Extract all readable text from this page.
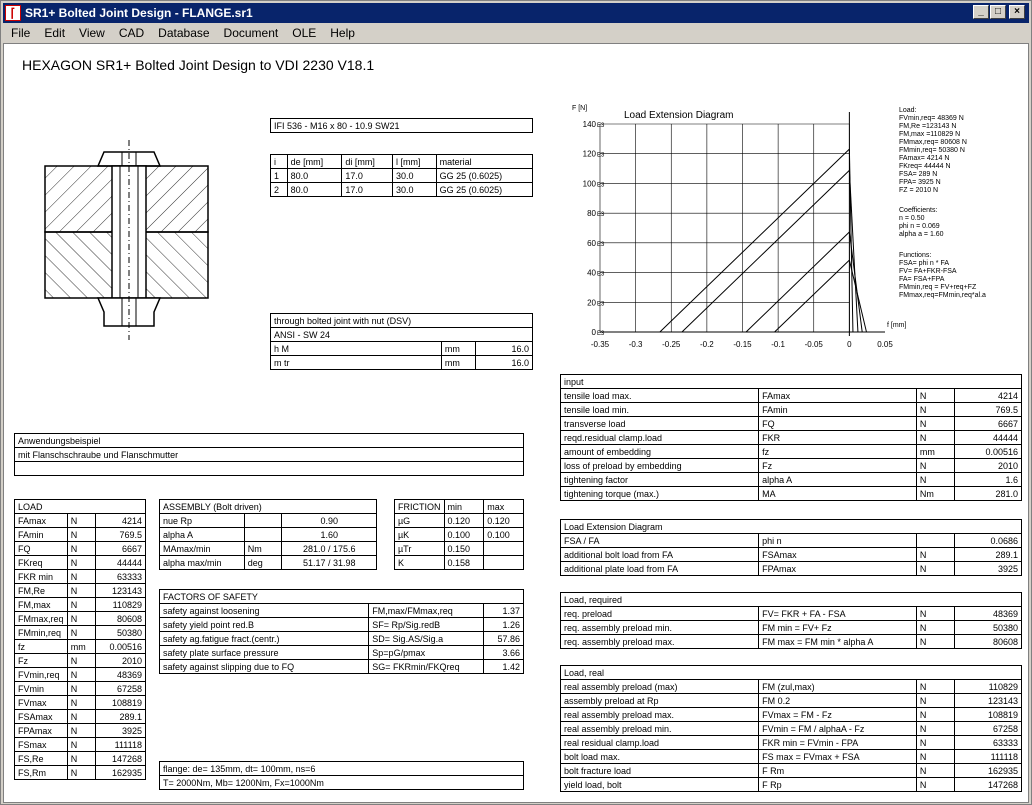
⌈ SR1+ Bolted Joint Design - FLANGE.sr1	_	□	×
File Edit View CAD Database Document OLE Help
HEXAGON SR1+ Bolted Joint Design to VDI 2230 V18.1
IFI 536 - M16 x 80 - 10.9 SW21
i	de [mm]	di [mm]	l [mm]	material
1	80.0	17.0	30.0	GG 25 (0.6025)
2	80.0	17.0	30.0	GG 25 (0.6025)
through bolted joint with nut (DSV)		
ANSI - SW 24		
h M	mm	16.0
m tr	mm	16.0
Anwendungsbeispiel
mit Flanschschraube und Flanschmutter

LOAD		
FAmax	N	4214
FAmin	N	769.5
FQ	N	6667
FKreq	N	44444
FKR min	N	63333
FM,Re	N	123143
FM,max	N	110829
FMmax,req	N	80608
FMmin,req	N	50380
fz	mm	0.00516
Fz	N	2010
FVmin,req	N	48369
FVmin	N	67258
FVmax	N	108819
FSAmax	N	289.1
FPAmax	N	3925
FSmax	N	111118
FS,Re	N	147268
FS,Rm	N	162935
ASSEMBLY (Bolt driven)		
nue Rp		0.90
alpha A		1.60
MAmax/min	Nm	281.0 / 175.6
alpha max/min	deg	51.17 / 31.98
FRICTION	min	max
µG	0.120	0.120
µK	0.100	0.100
µTr	0.150	
K	0.158	
FACTORS OF SAFETY		
safety against loosening	FM,max/FMmax,req	1.37
safety yield point red.B	SF= Rp/Sig.redB	1.26
safety ag.fatigue fract.(centr.)	SD= Sig.AS/Sig.a	57.86
safety plate surface pressure	Sp=pG/pmax	3.66
safety against slipping due to FQ	SG= FKRmin/FKQreq	1.42
flange: de= 135mm, dt= 100mm, ns=6
T= 2000Nm, Mb= 1200Nm, Fx=1000Nm
0 E3
20 E3
40 E3
60 E3
80 E3
100 E3
120 E3
140 E3
-0.35 -0.3 -0.25 -0.2 -0.15 -0.1 -0.05	0	0.05
F [N]
f [mm]
Load Extension Diagram	Load:
FVmin,req= 48369 N
FM,Re =123143 N
FM,max =110829 N
FMmax,req= 80608 N
FMmin,req= 50380 N
FAmax= 4214 N
FKreq= 44444 N
FSA= 289 N
FPA= 3925 N
FZ = 2010 N
Coefficients:
n = 0.50
phi n = 0.069
alpha a = 1.60
Functions:
FSA= phi n * FA
FV= FA+FKR-FSA
FA= FSA+FPA
FMmin,req = FV+req+FZ
FMmax,req=FMmin,req*al.a
input			
tensile load max.	FAmax	N	4214
tensile load min.	FAmin	N	769.5
transverse load	FQ	N	6667
reqd.residual clamp.load	FKR	N	44444
amount of embedding	fz	mm	0.00516
loss of preload by embedding	Fz	N	2010
tightening factor	alpha A	N	1.6
tightening torque (max.)	MA	Nm	281.0
Load Extension Diagram			
FSA / FA	phi n		0.0686
additional bolt load from FA	FSAmax	N	289.1
additional plate load from FA	FPAmax	N	3925
Load, required			
req. preload	FV= FKR + FA - FSA	N	48369
req. assembly preload min.	FM min = FV+ Fz	N	50380
req. assembly preload max.	FM max = FM min * alpha A	N	80608
Load, real			
real assembly preload (max)	FM (zul,max)	N	110829
assembly preload at Rp	FM 0.2	N	123143
real assembly preload max.	FVmax = FM - Fz	N	108819
real assembly preload min.	FVmin = FM / alphaA - Fz	N	67258
real residual clamp.load	FKR min = FVmin - FPA	N	63333
bolt load max.	FS max = FVmax + FSA	N	111118
bolt fracture load	F Rm	N	162935
yield load, bolt	F Rp	N	147268
